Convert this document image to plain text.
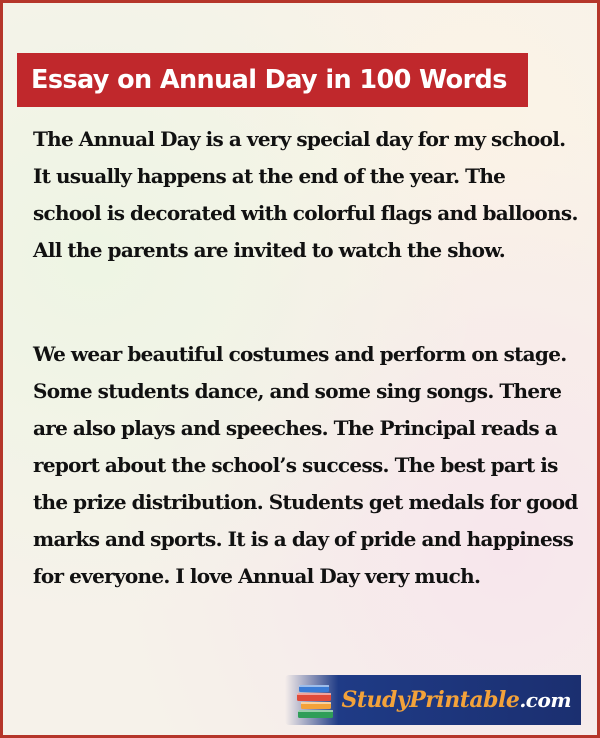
Essay on Annual Day in 100 Words

The Annual Day is a very special day for my school. It usually happens at the end of the year. The school is decorated with colorful flags and balloons. All the parents are invited to watch the show.

We wear beautiful costumes and perform on stage. Some students dance, and some sing songs. There are also plays and speeches. The Principal reads a report about the school’s success. The best part is the prize distribution. Students get medals for good marks and sports. It is a day of pride and happiness for everyone. I love Annual Day very much.

StudyPrintable.com
